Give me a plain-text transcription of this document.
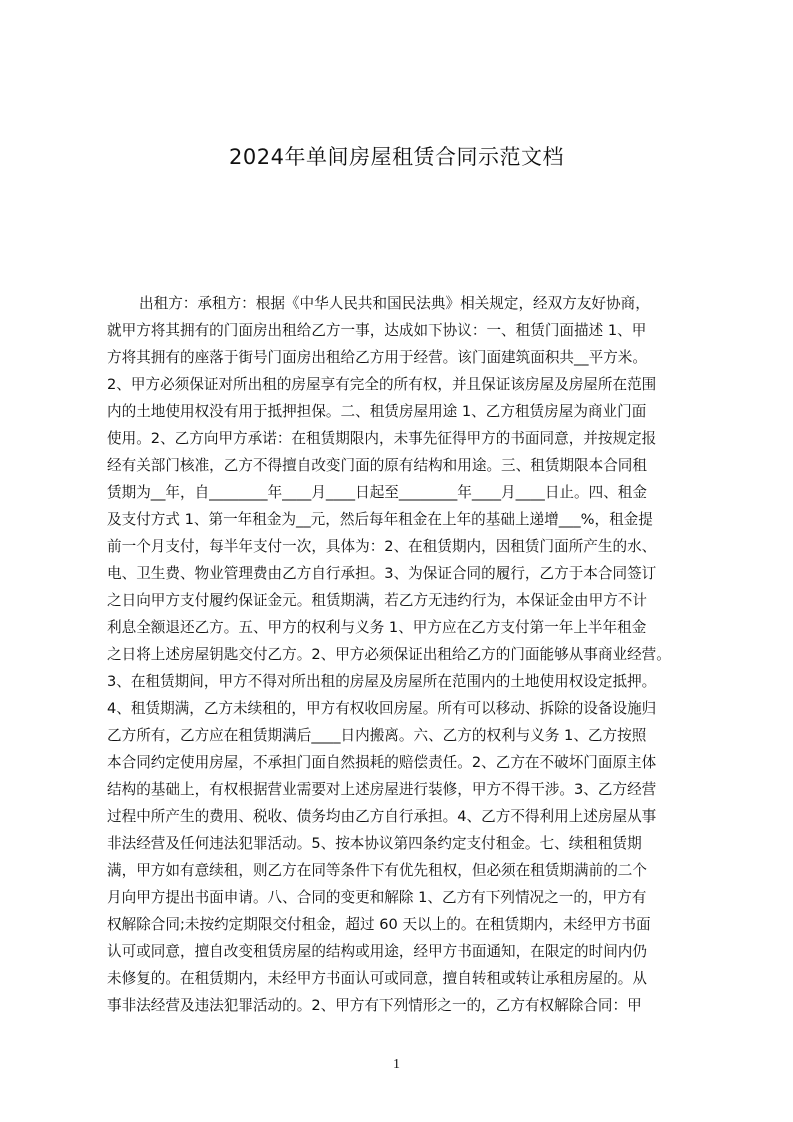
2024年单间房屋租赁合同示范文档
出租方：承租方：根据《中华人民共和国民法典》相关规定，经双方友好协商，
就甲方将其拥有的门面房出租给乙方一事，达成如下协议：一、租赁门面描述 1、甲
方将其拥有的座落于街号门面房出租给乙方用于经营。该门面建筑面积共__平方米。
2、甲方必须保证对所出租的房屋享有完全的所有权，并且保证该房屋及房屋所在范围
内的土地使用权没有用于抵押担保。二、租赁房屋用途 1、乙方租赁房屋为商业门面
使用。2、乙方向甲方承诺：在租赁期限内，未事先征得甲方的书面同意，并按规定报
经有关部门核准，乙方不得擅自改变门面的原有结构和用途。三、租赁期限本合同租
赁期为__年，自________年____月____日起至________年____月____日止。四、租金
及支付方式 1、第一年租金为__元，然后每年租金在上年的基础上递增___%，租金提
前一个月支付，每半年支付一次，具体为：2、在租赁期内，因租赁门面所产生的水、
电、卫生费、物业管理费由乙方自行承担。3、为保证合同的履行，乙方于本合同签订
之日向甲方支付履约保证金元。租赁期满，若乙方无违约行为，本保证金由甲方不计
利息全额退还乙方。五、甲方的权利与义务 1、甲方应在乙方支付第一年上半年租金
之日将上述房屋钥匙交付乙方。2、甲方必须保证出租给乙方的门面能够从事商业经营。
3、在租赁期间，甲方不得对所出租的房屋及房屋所在范围内的土地使用权设定抵押。
4、租赁期满，乙方未续租的，甲方有权收回房屋。所有可以移动、拆除的设备设施归
乙方所有，乙方应在租赁期满后____日内搬离。六、乙方的权利与义务 1、乙方按照
本合同约定使用房屋，不承担门面自然损耗的赔偿责任。2、乙方在不破坏门面原主体
结构的基础上，有权根据营业需要对上述房屋进行装修，甲方不得干涉。3、乙方经营
过程中所产生的费用、税收、债务均由乙方自行承担。4、乙方不得利用上述房屋从事
非法经营及任何违法犯罪活动。5、按本协议第四条约定支付租金。七、续租租赁期
满，甲方如有意续租，则乙方在同等条件下有优先租权，但必须在租赁期满前的二个
月向甲方提出书面申请。八、合同的变更和解除 1、乙方有下列情况之一的，甲方有
权解除合同;未按约定期限交付租金，超过 60 天以上的。在租赁期内，未经甲方书面
认可或同意，擅自改变租赁房屋的结构或用途，经甲方书面通知，在限定的时间内仍
未修复的。在租赁期内，未经甲方书面认可或同意，擅自转租或转让承租房屋的。从
事非法经营及违法犯罪活动的。2、甲方有下列情形之一的，乙方有权解除合同：甲
1
